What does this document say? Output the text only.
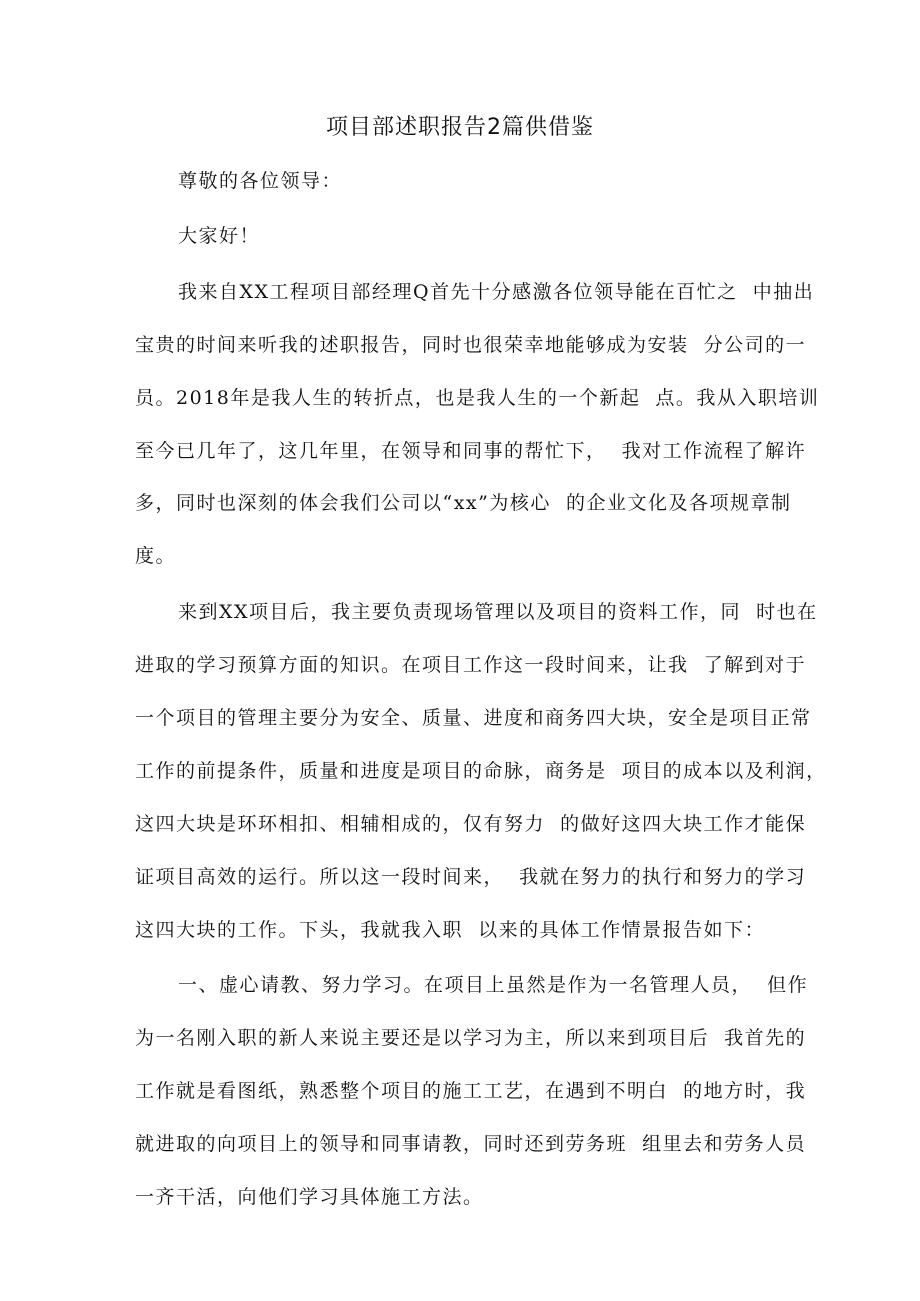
项目部述职报告2篇供借鉴

尊敬的各位领导：

大家好！

我来自XX工程项目部经理Q首先十分感激各位领导能在百忙之  中抽出

宝贵的时间来听我的述职报告，同时也很荣幸地能够成为安装  分公司的一

员。2018年是我人生的转折点，也是我人生的一个新起  点。我从入职培训

至今已几年了，这几年里，在领导和同事的帮忙下，  我对工作流程了解许

多，同时也深刻的体会我们公司以“xx”为核心  的企业文化及各项规章制

度。

来到XX项目后，我主要负责现场管理以及项目的资料工作，同  时也在

进取的学习预算方面的知识。在项目工作这一段时间来，让我  了解到对于

一个项目的管理主要分为安全、质量、进度和商务四大块，安全是项目正常

工作的前提条件，质量和进度是项目的命脉，商务是  项目的成本以及利润，

这四大块是环环相扣、相辅相成的，仅有努力  的做好这四大块工作才能保

证项目高效的运行。所以这一段时间来，  我就在努力的执行和努力的学习

这四大块的工作。下头，我就我入职  以来的具体工作情景报告如下：

一、虚心请教、努力学习。在项目上虽然是作为一名管理人员，  但作

为一名刚入职的新人来说主要还是以学习为主，所以来到项目后  我首先的

工作就是看图纸，熟悉整个项目的施工工艺，在遇到不明白  的地方时，我

就进取的向项目上的领导和同事请教，同时还到劳务班  组里去和劳务人员

一齐干活，向他们学习具体施工方法。
